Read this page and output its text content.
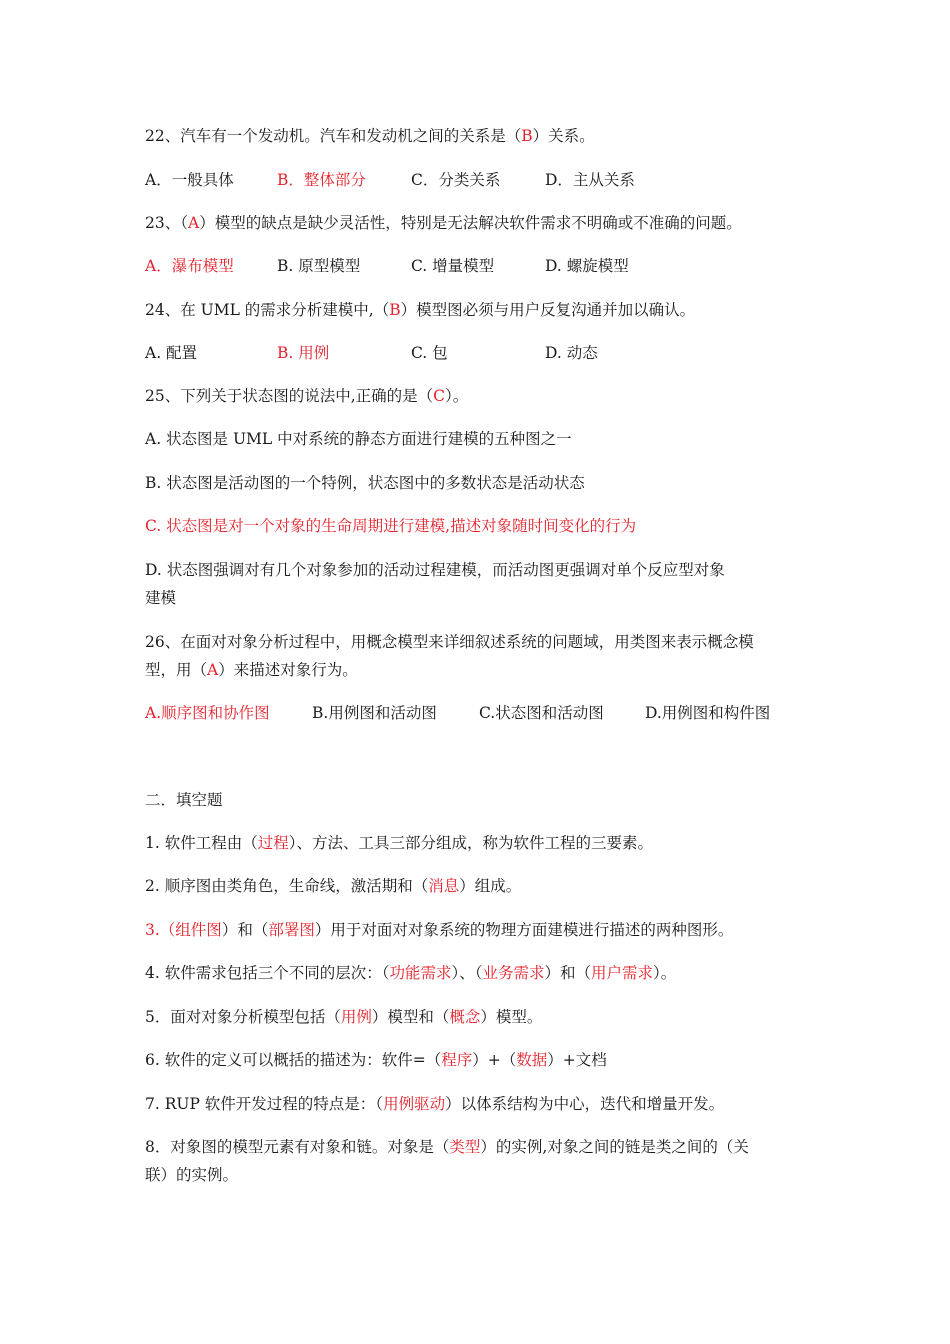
22、汽车有一个发动机。汽车和发动机之间的关系是（B）关系。
A．一般具体	B．整体部分	C．分类关系	D．主从关系
23、（A）模型的缺点是缺少灵活性，特别是无法解决软件需求不明确或不准确的问题。
A．瀑布模型	B. 原型模型	C. 增量模型	D. 螺旋模型
24、在 UML 的需求分析建模中,（B）模型图必须与用户反复沟通并加以确认。
A. 配置	B. 用例	C. 包	D. 动态
25、下列关于状态图的说法中,正确的是（C）。
A. 状态图是 UML 中对系统的静态方面进行建模的五种图之一
B. 状态图是活动图的一个特例，状态图中的多数状态是活动状态
C. 状态图是对一个对象的生命周期进行建模,描述对象随时间变化的行为
D. 状态图强调对有几个对象参加的活动过程建模，而活动图更强调对单个反应型对象
建模
26、在面对对象分析过程中，用概念模型来详细叙述系统的问题域，用类图来表示概念模
型，用（A）来描述对象行为。
A.顺序图和协作图	B.用例图和活动图	C.状态图和活动图	D.用例图和构件图
二．填空题
1. 软件工程由（过程）、方法、工具三部分组成，称为软件工程的三要素。
2. 顺序图由类角色，生命线，激活期和（消息）组成。
3.（组件图）和（部署图）用于对面对对象系统的物理方面建模进行描述的两种图形。
4. 软件需求包括三个不同的层次：（功能需求）、（业务需求）和（用户需求）。
5．面对对象分析模型包括（用例）模型和（概念）模型。
6. 软件的定义可以概括的描述为：软件=（程序）+（数据）+文档
7. RUP 软件开发过程的特点是：（用例驱动）以体系结构为中心，迭代和增量开发。
8．对象图的模型元素有对象和链。对象是（类型）的实例,对象之间的链是类之间的（关
联）的实例。
